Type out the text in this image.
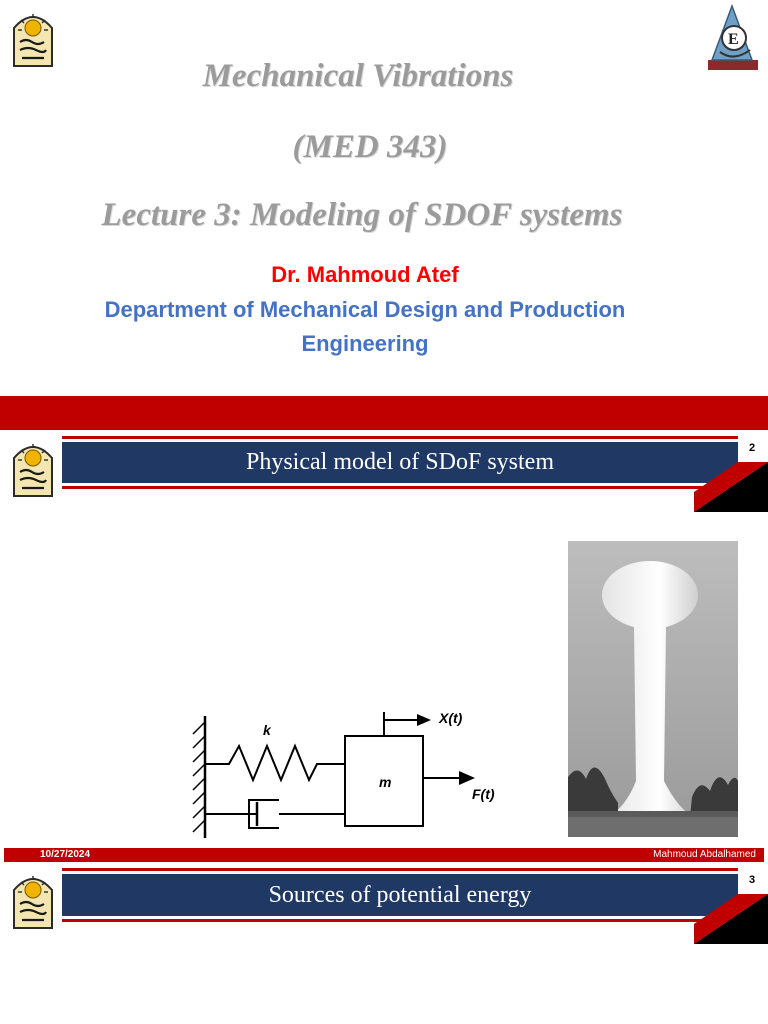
E
Mechanical Vibrations
(MED 343)
Lecture 3: Modeling of SDOF systems
Dr. Mahmoud Atef
Department of Mechanical Design and Production
Engineering
Physical model of SDoF system
2
k
m
X(t)
F(t)
10/27/2024	Mahmoud Abdalhamed
Sources of potential energy
3
